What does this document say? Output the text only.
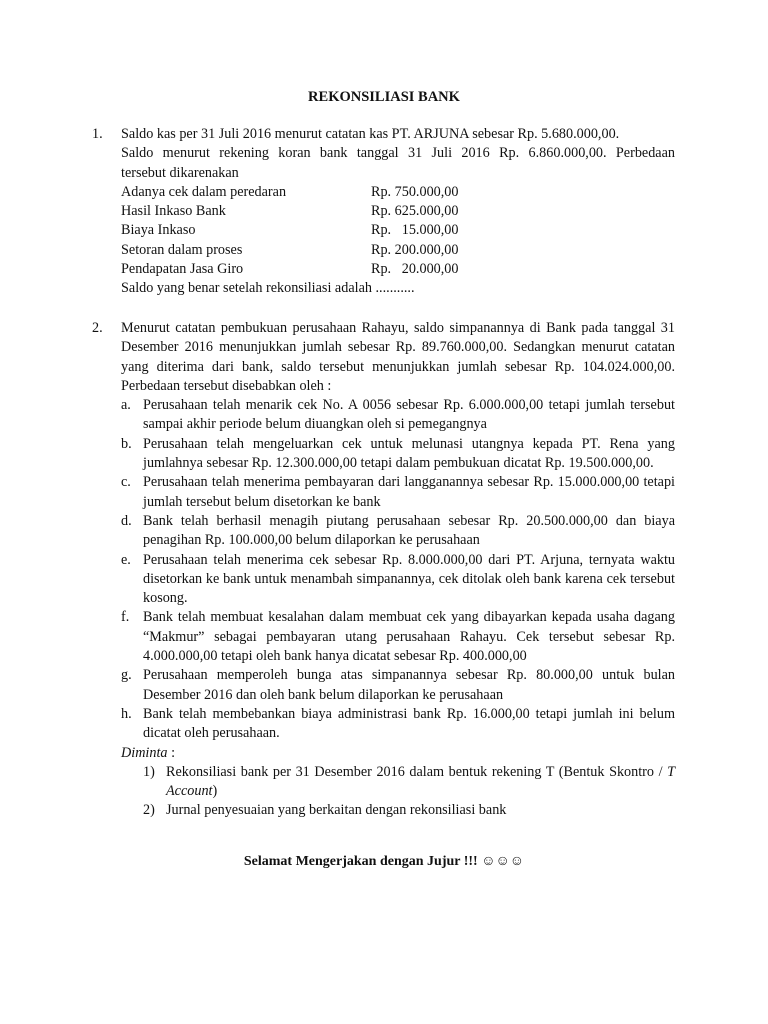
REKONSILIASI BANK
1. Saldo kas per 31 Juli 2016 menurut catatan kas PT. ARJUNA sebesar Rp. 5.680.000,00.
Saldo menurut rekening koran bank tanggal 31 Juli 2016 Rp. 6.860.000,00. Perbedaan
tersebut dikarenakan
Adanya cek dalam peredaran	Rp. 750.000,00
Hasil Inkaso Bank	Rp. 625.000,00
Biaya Inkaso	Rp.   15.000,00
Setoran dalam proses	Rp. 200.000,00
Pendapatan Jasa Giro	Rp.   20.000,00
Saldo yang benar setelah rekonsiliasi adalah ...........
2. Menurut catatan pembukuan perusahaan Rahayu, saldo simpanannya di Bank pada tanggal 31 Desember 2016 menunjukkan jumlah sebesar Rp. 89.760.000,00. Sedangkan menurut catatan yang diterima dari bank, saldo tersebut menunjukkan jumlah sebesar Rp. 104.024.000,00. Perbedaan tersebut disebabkan oleh :
a. Perusahaan telah menarik cek No. A 0056 sebesar Rp. 6.000.000,00 tetapi jumlah tersebut sampai akhir periode belum diuangkan oleh si pemegangnya
b. Perusahaan telah mengeluarkan cek untuk melunasi utangnya kepada PT. Rena yang jumlahnya sebesar Rp. 12.300.000,00 tetapi dalam pembukuan dicatat Rp. 19.500.000,00.
c. Perusahaan telah menerima pembayaran dari langganannya sebesar Rp. 15.000.000,00 tetapi jumlah tersebut belum disetorkan ke bank
d. Bank telah berhasil menagih piutang perusahaan sebesar Rp. 20.500.000,00 dan biaya penagihan Rp. 100.000,00 belum dilaporkan ke perusahaan
e. Perusahaan telah menerima cek sebesar Rp. 8.000.000,00 dari PT. Arjuna, ternyata waktu disetorkan ke bank untuk menambah simpanannya, cek ditolak oleh bank karena cek tersebut kosong.
f. Bank telah membuat kesalahan dalam membuat cek yang dibayarkan kepada usaha dagang “Makmur” sebagai pembayaran utang perusahaan Rahayu. Cek tersebut sebesar Rp. 4.000.000,00 tetapi oleh bank hanya dicatat sebesar Rp. 400.000,00
g. Perusahaan memperoleh bunga atas simpanannya sebesar Rp. 80.000,00 untuk bulan Desember 2016 dan oleh bank belum dilaporkan ke perusahaan
h. Bank telah membebankan biaya administrasi bank Rp. 16.000,00 tetapi jumlah ini belum dicatat oleh perusahaan.
Diminta :
1) Rekonsiliasi bank per 31 Desember 2016 dalam bentuk rekening T (Bentuk Skontro / T Account)
2) Jurnal penyesuaian yang berkaitan dengan rekonsiliasi bank
Selamat Mengerjakan dengan Jujur !!! ☺☺☺
